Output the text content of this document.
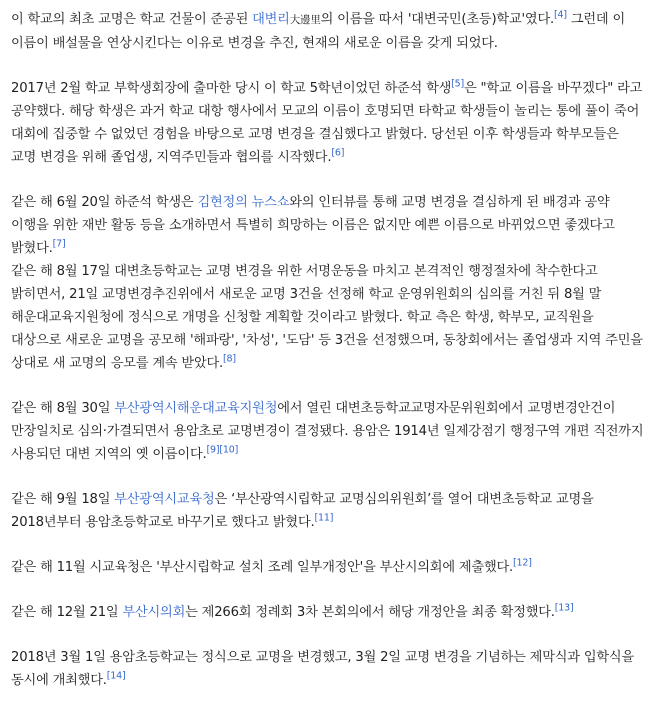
이 학교의 최초 교명은 학교 건물이 준공된 대변리大邊里의 이름을 따서 '대변국민(초등)학교'였다.[4] 그런데 이 이름이 배설물을 연상시킨다는 이유로 변경을 추진, 현재의 새로운 이름을 갖게 되었다.

2017년 2월 학교 부학생회장에 출마한 당시 이 학교 5학년이었던 하준석 학생[5]은 "학교 이름을 바꾸겠다" 라고 공약했다. 해당 학생은 과거 학교 대항 행사에서 모교의 이름이 호명되면 타학교 학생들이 놀리는 통에 풀이 죽어 대회에 집중할 수 없었던 경험을 바탕으로 교명 변경을 결심했다고 밝혔다. 당선된 이후 학생들과 학부모들은 교명 변경을 위해 졸업생, 지역주민들과 협의를 시작했다.[6]

같은 해 6월 20일 하준석 학생은 김현정의 뉴스쇼와의 인터뷰를 통해 교명 변경을 결심하게 된 배경과 공약 이행을 위한 재반 활동 등을 소개하면서 특별히 희망하는 이름은 없지만 예쁜 이름으로 바뀌었으면 좋겠다고 밝혔다.[7]

같은 해 8월 17일 대변초등학교는 교명 변경을 위한 서명운동을 마치고 본격적인 행정절차에 착수한다고 밝히면서, 21일 교명변경추진위에서 새로운 교명 3건을 선정해 학교 운영위원회의 심의를 거친 뒤 8월 말 해운대교육지원청에 정식으로 개명을 신청할 계획할 것이라고 밝혔다. 학교 측은 학생, 학부모, 교직원을 대상으로 새로운 교명을 공모해 '해파랑', '차성', '도담' 등 3건을 선정했으며, 동창회에서는 졸업생과 지역 주민을 상대로 새 교명의 응모를 계속 받았다.[8]

같은 해 8월 30일 부산광역시해운대교육지원청에서 열린 대변초등학교교명자문위원회에서 교명변경안건이 만장일치로 심의·가결되면서 용암초로 교명변경이 결정됐다. 용암은 1914년 일제강점기 행정구역 개편 직전까지 사용되던 대변 지역의 옛 이름이다.[9][10]

같은 해 9월 18일 부산광역시교육청은 ‘부산광역시립학교 교명심의위원회’를 열어 대변초등학교 교명을 2018년부터 용암초등학교로 바꾸기로 했다고 밝혔다.[11]

같은 해 11월 시교육청은 '부산시립학교 설치 조례 일부개정안'을 부산시의회에 제출했다.[12]

같은 해 12월 21일 부산시의회는 제266회 정례회 3차 본회의에서 해당 개정안을 최종 확정했다.[13]

2018년 3월 1일 용암초등학교는 정식으로 교명을 변경했고, 3월 2일 교명 변경을 기념하는 제막식과 입학식을 동시에 개최했다.[14]
